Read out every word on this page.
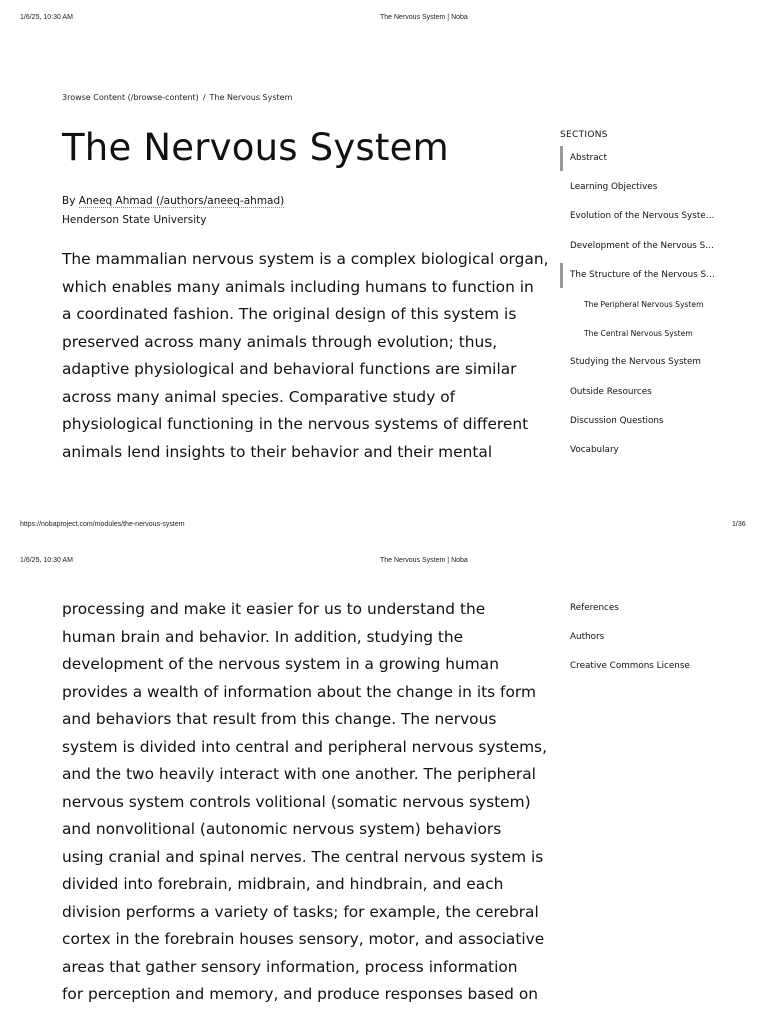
1/6/25, 10:30 AM	The Nervous System | Noba
3rowse Content (/browse-content) / The Nervous System
The Nervous System
By Aneeq Ahmad (/authors/aneeq-ahmad)
Henderson State University

The mammalian nervous system is a complex biological organ,
which enables many animals including humans to function in
a coordinated fashion. The original design of this system is
preserved across many animals through evolution; thus,
adaptive physiological and behavioral functions are similar
across many animal species. Comparative study of
physiological functioning in the nervous systems of different
animals lend insights to their behavior and their mental

SECTIONS
Abstract
Learning Objectives
Evolution of the Nervous Syste…
Development of the Nervous S…
The Structure of the Nervous S…
The Peripheral Nervous System
The Central Nervous System
Studying the Nervous System
Outside Resources
Discussion Questions
Vocabulary
https://nobaproject.com/modules/the-nervous-system	1/36
1/6/25, 10:30 AM	The Nervous System | Noba

processing and make it easier for us to understand the
human brain and behavior. In addition, studying the
development of the nervous system in a growing human
provides a wealth of information about the change in its form
and behaviors that result from this change. The nervous
system is divided into central and peripheral nervous systems,
and the two heavily interact with one another. The peripheral
nervous system controls volitional (somatic nervous system)
and nonvolitional (autonomic nervous system) behaviors
using cranial and spinal nerves. The central nervous system is
divided into forebrain, midbrain, and hindbrain, and each
division performs a variety of tasks; for example, the cerebral
cortex in the forebrain houses sensory, motor, and associative
areas that gather sensory information, process information
for perception and memory, and produce responses based on

References
Authors
Creative Commons License
